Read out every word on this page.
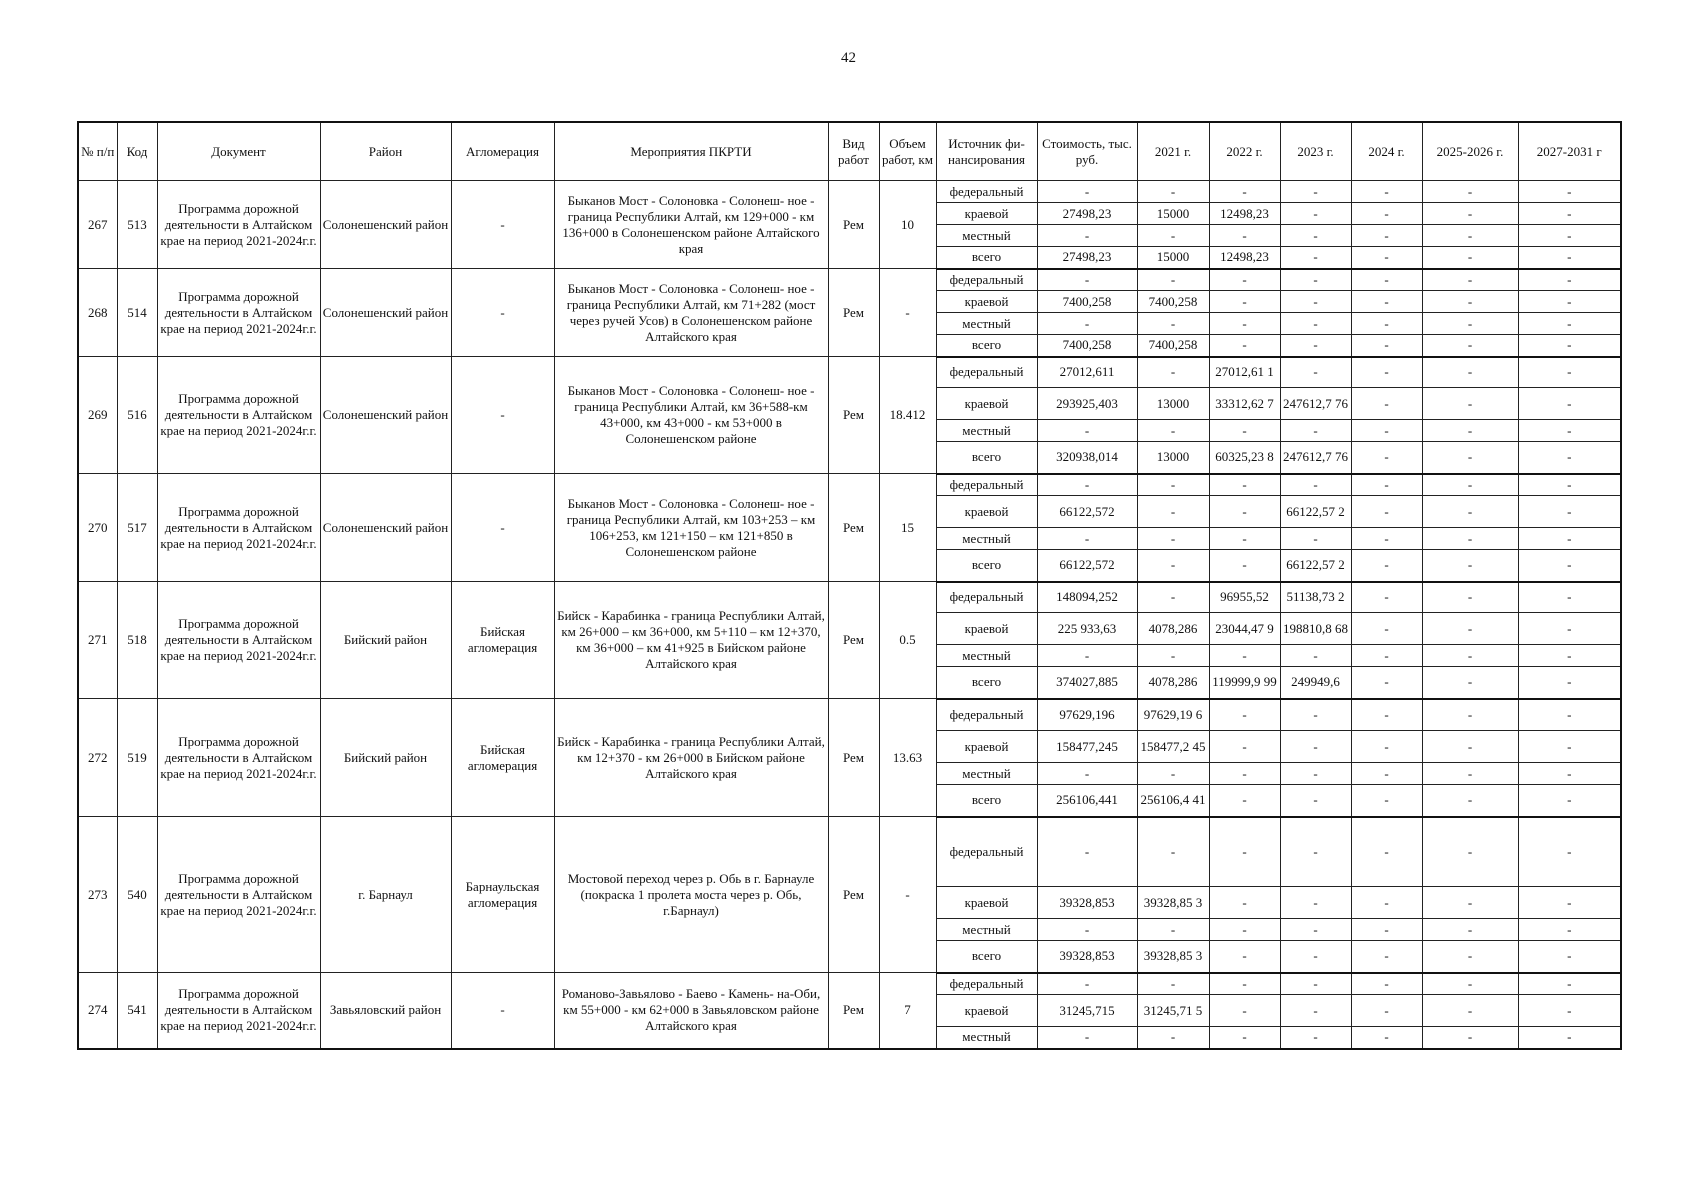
42
№ п/п	Код	Документ	Район	Агломерация	Мероприятия ПКРТИ	Вид работ	Объем работ, км	Источник фи- нансирования	Стоимость, тыс. руб.	2021 г.	2022 г.	2023 г.	2024 г.	2025-2026 г.	2027-2031 г
267	513	Программа дорожной деятельности в Алтайском крае на период 2021-2024г.г.	Солонешенский район	-	Быканов Мост - Солоновка - Солонеш- ное - граница Республики Алтай, км 129+000 - км 136+000 в Солонешенском районе Алтайского края	Рем	10	федеральный	-	-	-	-	-	-	-
								краевой	27498,23	15000	12498,23	-	-	-	-
								местный	-	-	-	-	-	-	-
								всего	27498,23	15000	12498,23	-	-	-	-
268	514	Программа дорожной деятельности в Алтайском крае на период 2021-2024г.г.	Солонешенский район	-	Быканов Мост - Солоновка - Солонеш- ное - граница Республики Алтай, км 71+282 (мост через ручей Усов) в Солонешенском районе Алтайского края	Рем	-	федеральный	-	-	-	-	-	-	-
								краевой	7400,258	7400,258	-	-	-	-	-
								местный	-	-	-	-	-	-	-
								всего	7400,258	7400,258	-	-	-	-	-
269	516	Программа дорожной деятельности в Алтайском крае на период 2021-2024г.г.	Солонешенский район	-	Быканов Мост - Солоновка - Солонеш- ное - граница Республики Алтай, км 36+588-км 43+000, км 43+000 - км 53+000 в Солонешенском районе	Рем	18.412	федеральный	27012,611	-	27012,61 1	-	-	-	-
								краевой	293925,403	13000	33312,62 7	247612,7 76	-	-	-
								местный	-	-	-	-	-	-	-
								всего	320938,014	13000	60325,23 8	247612,7 76	-	-	-
270	517	Программа дорожной деятельности в Алтайском крае на период 2021-2024г.г.	Солонешенский район	-	Быканов Мост - Солоновка - Солонеш- ное - граница Республики Алтай, км 103+253 – км 106+253, км 121+150 – км 121+850 в Солонешенском районе	Рем	15	федеральный	-	-	-	-	-	-	-
								краевой	66122,572	-	-	66122,57 2	-	-	-
								местный	-	-	-	-	-	-	-
								всего	66122,572	-	-	66122,57 2	-	-	-
271	518	Программа дорожной деятельности в Алтайском крае на период 2021-2024г.г.	Бийский район	Бийская агломерация	Бийск - Карабинка - граница Республики Алтай, км 26+000 – км 36+000, км 5+110 – км 12+370, км 36+000 – км 41+925 в Бийском районе Алтайского края	Рем	0.5	федеральный	148094,252	-	96955,52	51138,73 2	-	-	-
								краевой	225 933,63	4078,286	23044,47 9	198810,8 68	-	-	-
								местный	-	-	-	-	-	-	-
								всего	374027,885	4078,286	119999,9 99	249949,6	-	-	-
272	519	Программа дорожной деятельности в Алтайском крае на период 2021-2024г.г.	Бийский район	Бийская агломерация	Бийск - Карабинка - граница Республики Алтай, км 12+370 - км 26+000 в Бийском районе Алтайского края	Рем	13.63	федеральный	97629,196	97629,19 6	-	-	-	-	-
								краевой	158477,245	158477,2 45	-	-	-	-	-
								местный	-	-	-	-	-	-	-
								всего	256106,441	256106,4 41	-	-	-	-	-
273	540	Программа дорожной деятельности в Алтайском крае на период 2021-2024г.г.	г. Барнаул	Барнаульская агломерация	Мостовой переход через р. Обь в г. Барнауле (покраска 1 пролета моста через р. Обь, г.Барнаул)	Рем	-	федеральный	-	-	-	-	-	-	-
								краевой	39328,853	39328,85 3	-	-	-	-	-
								местный	-	-	-	-	-	-	-
								всего	39328,853	39328,85 3	-	-	-	-	-
274	541	Программа дорожной деятельности в Алтайском крае на период 2021-2024г.г.	Завьяловский район	-	Романово-Завьялово - Баево - Камень- на-Оби, км 55+000 - км 62+000 в Завьяловском районе Алтайского края	Рем	7	федеральный	-	-	-	-	-	-	-
								краевой	31245,715	31245,71 5	-	-	-	-	-
								местный	-	-	-	-	-	-	-
